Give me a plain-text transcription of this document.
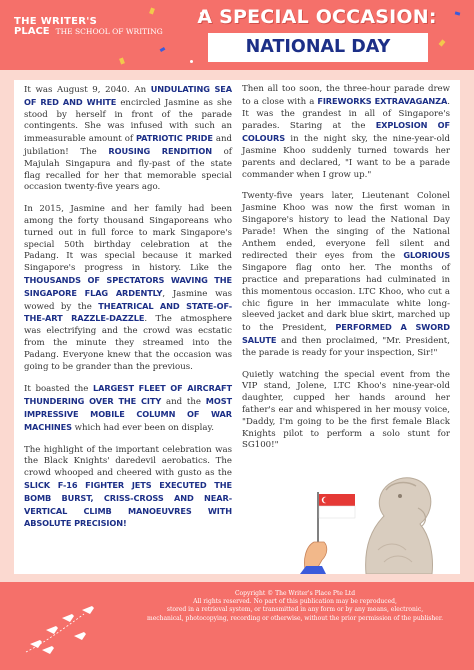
THE WRITER'S
PLACE THE SCHOOL OF WRITING
A SPECIAL OCCASION:
NATIONAL DAY

It was August 9, 2040. An UNDULATING SEA OF RED AND WHITE encircled Jasmine as she stood by herself in front of the parade contingents. She was infused with such an immeasurable amount of PATRIOTIC PRIDE and jubilation! The ROUSING RENDITION of Majulah Singapura and fly-past of the state flag recalled for her that memorable special occasion twenty-five years ago.

In 2015, Jasmine and her family had been among the forty thousand Singaporeans who turned out in full force to mark Singapore's special 50th birthday celebration at the Padang. It was special because it marked Singapore's progress in history. Like the THOUSANDS OF SPECTATORS WAVING THE SINGAPORE FLAG ARDENTLY, Jasmine was wowed by the THEATRICAL AND STATE-OF-THE-ART RAZZLE-DAZZLE. The atmosphere was electrifying and the crowd was ecstatic from the minute they streamed into the Padang. Everyone knew that the occasion was going to be grander than the previous.

It boasted the LARGEST FLEET OF AIRCRAFT THUNDERING OVER THE CITY and the MOST IMPRESSIVE MOBILE COLUMN OF WAR MACHINES which had ever been on display.

The highlight of the important celebration was the Black Knights' daredevil aerobatics. The crowd whooped and cheered with gusto as the SLICK F-16 FIGHTER JETS EXECUTED THE BOMB BURST, CRISS-CROSS AND NEAR-VERTICAL CLIMB MANOEUVRES WITH ABSOLUTE PRECISION!

Then all too soon, the three-hour parade drew to a close with a FIREWORKS EXTRAVAGANZA. It was the grandest in all of Singapore's parades. Staring at the EXPLOSION OF COLOURS in the night sky, the nine-year-old Jasmine Khoo suddenly turned towards her parents and declared, "I want to be a parade commander when I grow up."

Twenty-five years later, Lieutenant Colonel Jasmine Khoo was now the first woman in Singapore's history to lead the National Day Parade! When the singing of the National Anthem ended, everyone fell silent and redirected their eyes from the GLORIOUS Singapore flag onto her. The months of practice and preparations had culminated in this momentous occasion. LTC Khoo, who cut a chic figure in her immaculate white long-sleeved jacket and dark blue skirt, marched up to the President, PERFORMED A SWORD SALUTE and then proclaimed, "Mr. President, the parade is ready for your inspection, Sir!"

Quietly watching the special event from the VIP stand, Jolene, LTC Khoo's nine-year-old daughter, cupped her hands around her father's ear and whispered in her mousy voice, "Daddy, I'm going to be the first female Black Knights pilot to perform a solo stunt for SG100!"

Copyright © The Writer's Place Pte Ltd
All rights reserved. No part of this publication may be reproduced,
stored in a retrieval system, or transmitted in any form or by any means, electronic,
mechanical, photocopying, recording or otherwise, without the prior permission of the publisher.
